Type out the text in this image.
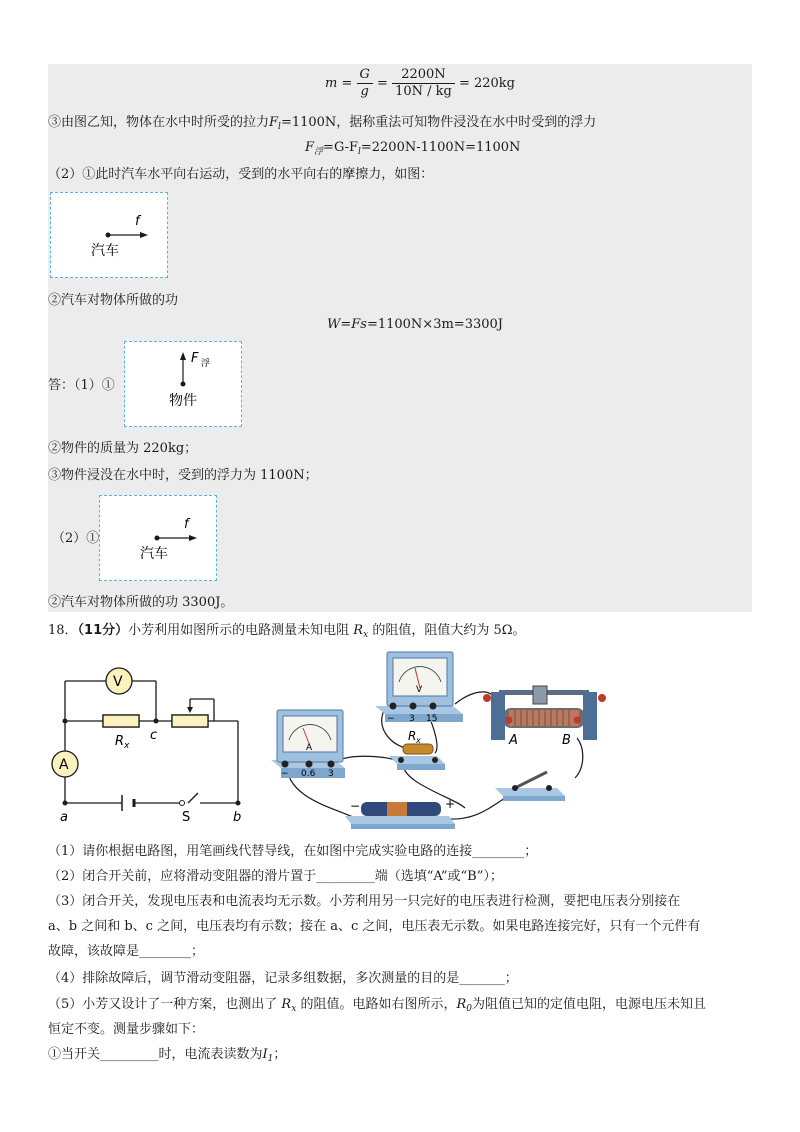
$m = \frac{G}{g} = \frac{2200N}{10N / kg} = 220kg$
③由图乙知，物体在水中时所受的拉力$F_l=1100N$，据称重法可知物件浸没在水中时受到的浮力
$F_浮=G-F_l=2200N-1100N=1100N$
（2）①此时汽车水平向右运动，受到的水平向右的摩擦力，如图：
f
汽车
②汽车对物体所做的功
W=Fs=1100N×3m=3300J
答：（1）①
F 浮
物件
②物件的质量为 220kg；
③物件浸没在水中时，受到的浮力为 1100N；
（2）①
f
汽车
②汽车对物体所做的功 3300J。
18．（11分）小芳利用如图所示的电路测量未知电阻 $R_x$ 的阻值，阻值大约为 5Ω。
V
A
R x
c
a	b
S
V
− 3 15
A
− 0.6 3
R x	A	B
−	+
（1）请你根据电路图，用笔画线代替导线，在如图中完成实验电路的连接________；
（2）闭合开关前，应将滑动变阻器的滑片置于_________端（选填“A”或“B”）；
（3）闭合开关，发现电压表和电流表均无示数。小芳利用另一只完好的电压表进行检测，要把电压表分别接在
a、b 之间和 b、c 之间，电压表均有示数；接在 a、c 之间，电压表无示数。如果电路连接完好，只有一个元件有
故障，该故障是________；
（4）排除故障后，调节滑动变阻器，记录多组数据，多次测量的目的是_______；
（5）小芳又设计了一种方案，也测出了 $R_x$ 的阻值。电路如右图所示，$R_0$为阻值已知的定值电阻，电源电压未知且
恒定不变。测量步骤如下：
①当开关_________时，电流表读数为$I_1$；
